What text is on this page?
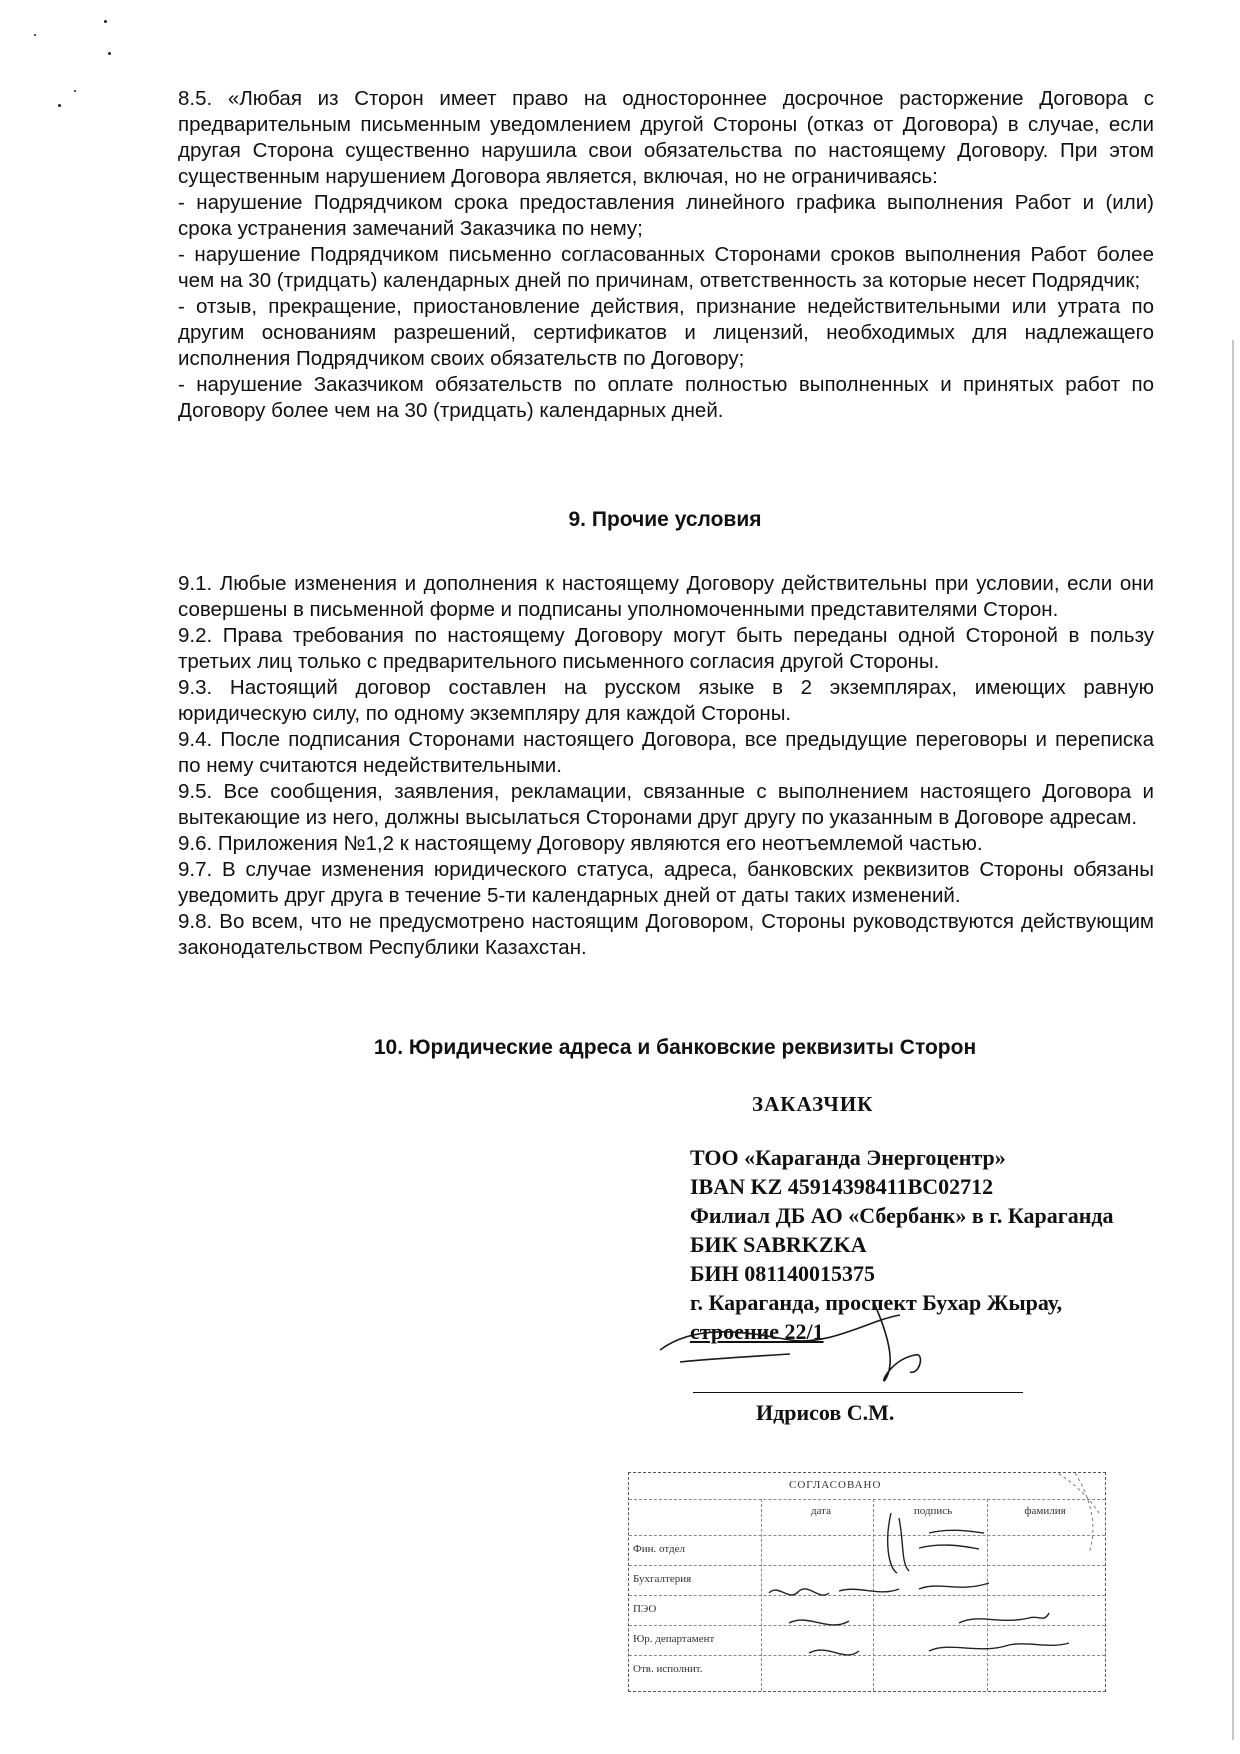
8.5. «Любая из Сторон имеет право на одностороннее досрочное расторжение Договора с предварительным письменным уведомлением другой Стороны (отказ от Договора) в случае, если другая Сторона существенно нарушила свои обязательства по настоящему Договору. При этом существенным нарушением Договора является, включая, но не ограничиваясь:

- нарушение Подрядчиком срока предоставления линейного графика выполнения Работ и (или) срока устранения замечаний Заказчика по нему;

- нарушение Подрядчиком письменно согласованных Сторонами сроков выполнения Работ более чем на 30 (тридцать) календарных дней по причинам, ответственность за которые несет Подрядчик;

- отзыв, прекращение, приостановление действия, признание недействительными или утрата по другим основаниям разрешений, сертификатов и лицензий, необходимых для надлежащего исполнения Подрядчиком своих обязательств по Договору;

- нарушение Заказчиком обязательств по оплате полностью выполненных и принятых работ по Договору более чем на 30 (тридцать) календарных дней.

9. Прочие условия

9.1. Любые изменения и дополнения к настоящему Договору действительны при условии, если они совершены в письменной форме и подписаны уполномоченными представителями Сторон.

9.2. Права требования по настоящему Договору могут быть переданы одной Стороной в пользу третьих лиц только с предварительного письменного согласия другой Стороны.

9.3. Настоящий договор составлен на русском языке в 2 экземплярах, имеющих равную юридическую силу, по одному экземпляру для каждой Стороны.

9.4. После подписания Сторонами настоящего Договора, все предыдущие переговоры и переписка по нему считаются недействительными.

9.5. Все сообщения, заявления, рекламации, связанные с выполнением настоящего Договора и вытекающие из него, должны высылаться Сторонами друг другу по указанным в Договоре адресам.

9.6. Приложения №1,2 к настоящему Договору являются его неотъемлемой частью.

9.7. В случае изменения юридического статуса, адреса, банковских реквизитов Стороны обязаны уведомить друг друга в течение 5-ти календарных дней от даты таких изменений.

9.8. Во всем, что не предусмотрено настоящим Договором, Стороны руководствуются действующим законодательством Республики Казахстан.

10. Юридические адреса и банковские реквизиты Сторон
ЗАКАЗЧИК
ТОО «Караганда Энергоцентр»
IBAN KZ 45914398411BC02712
Филиал ДБ АО «Сбербанк» в г. Караганда
БИК SABRKZKA
БИН 081140015375
г. Караганда, проспект Бухар Жырау,
строение 22/1
Идрисов С.М.
СОГЛАСОВАНО
дата	подпись	фамилия
Фин. отдел
Бухгалтерия
ПЭО
Юр. департамент
Отв. исполнит.
